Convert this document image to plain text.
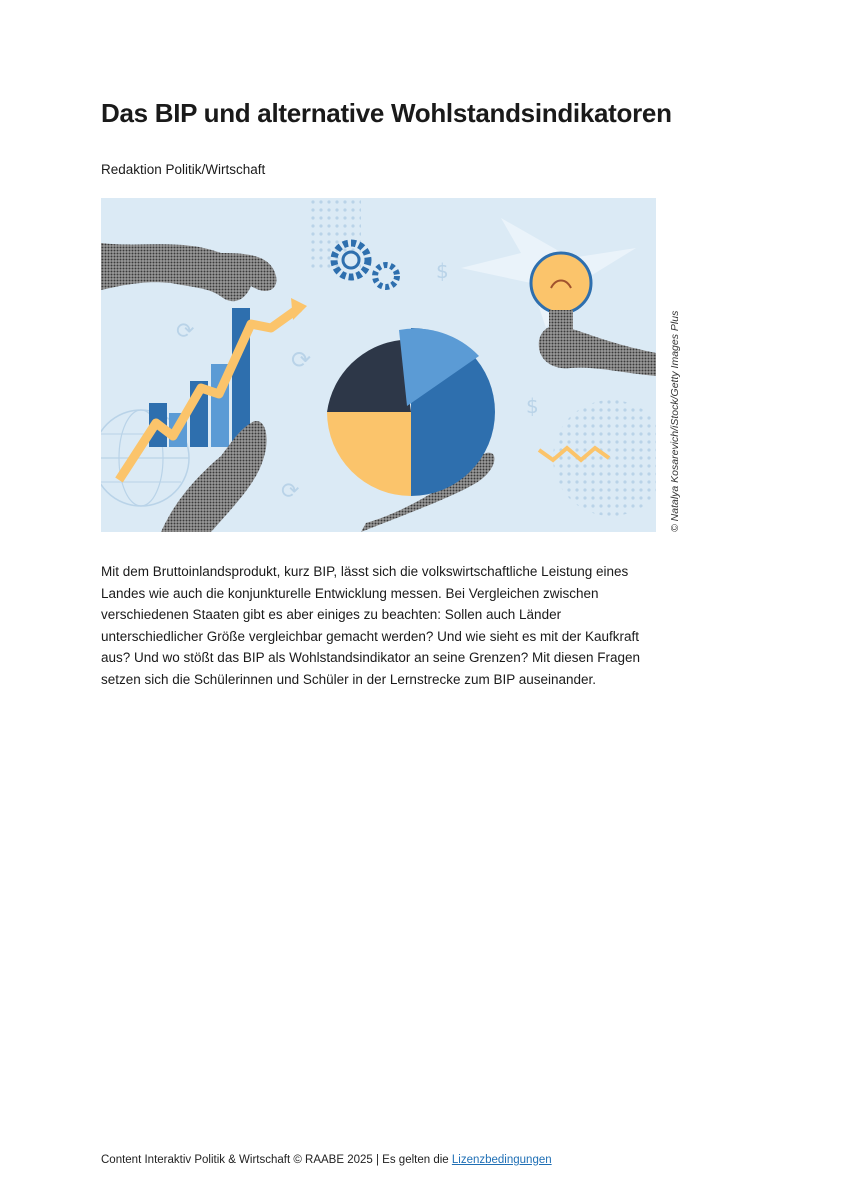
Das BIP und alternative Wohlstandsindikatoren
Redaktion Politik/Wirtschaft
⟳
⟳
⟳
$
$	© Natalya Kosarevich/iStock/Getty Images Plus

Mit dem Bruttoinlandsprodukt, kurz BIP, lässt sich die volkswirtschaftliche Leistung eines Landes wie auch die konjunkturelle Entwicklung messen. Bei Vergleichen zwischen verschiedenen Staaten gibt es aber einiges zu beachten: Sollen auch Länder unterschiedlicher Größe vergleichbar gemacht werden? Und wie sieht es mit der Kaufkraft aus? Und wo stößt das BIP als Wohlstandsindikator an seine Grenzen? Mit diesen Fragen setzen sich die Schülerinnen und Schüler in der Lernstrecke zum BIP auseinander.

Content Interaktiv Politik & Wirtschaft © RAABE 2025 | Es gelten die Lizenzbedingungen
